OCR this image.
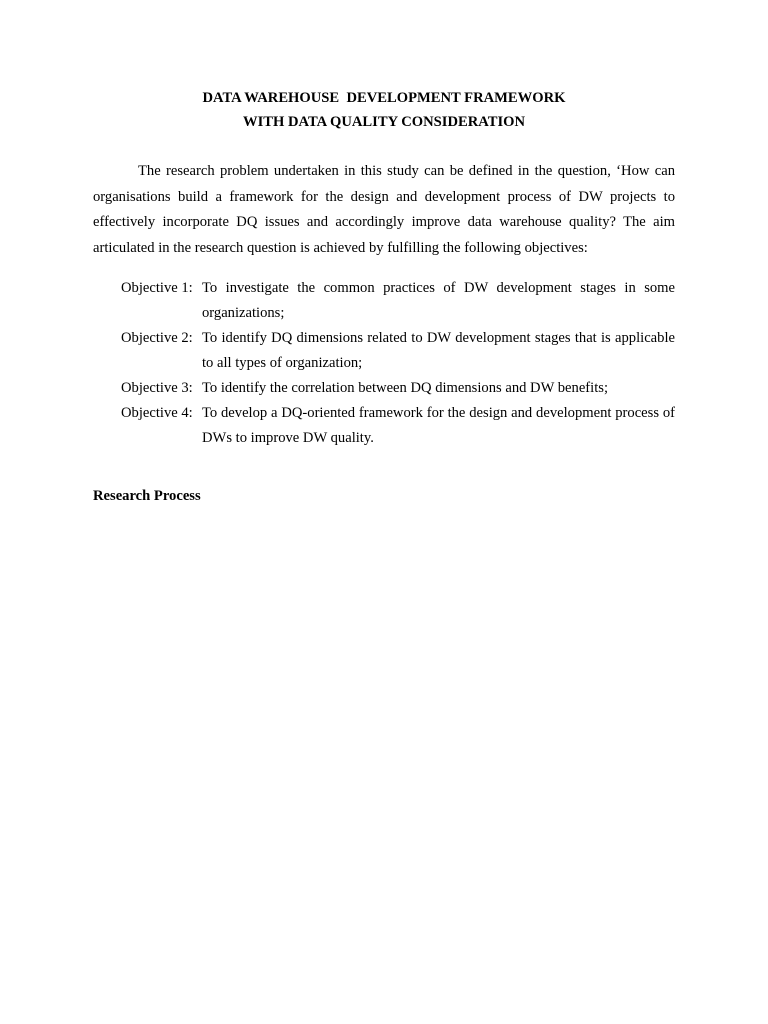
DATA WAREHOUSE  DEVELOPMENT FRAMEWORK
WITH DATA QUALITY CONSIDERATION

The research problem undertaken in this study can be defined in the question, ‘How can organisations build a framework for the design and development process of DW projects to effectively incorporate DQ issues and accordingly improve data warehouse quality? The aim articulated in the research question is achieved by fulfilling the following objectives:

Objective 1: To investigate the common practices of DW development stages in some organizations;
Objective 2: To identify DQ dimensions related to DW development stages that is applicable to all types of organization;
Objective 3: To identify the correlation between DQ dimensions and DW benefits;
Objective 4: To develop a DQ-oriented framework for the design and development process of DWs to improve DW quality.
Research Process
